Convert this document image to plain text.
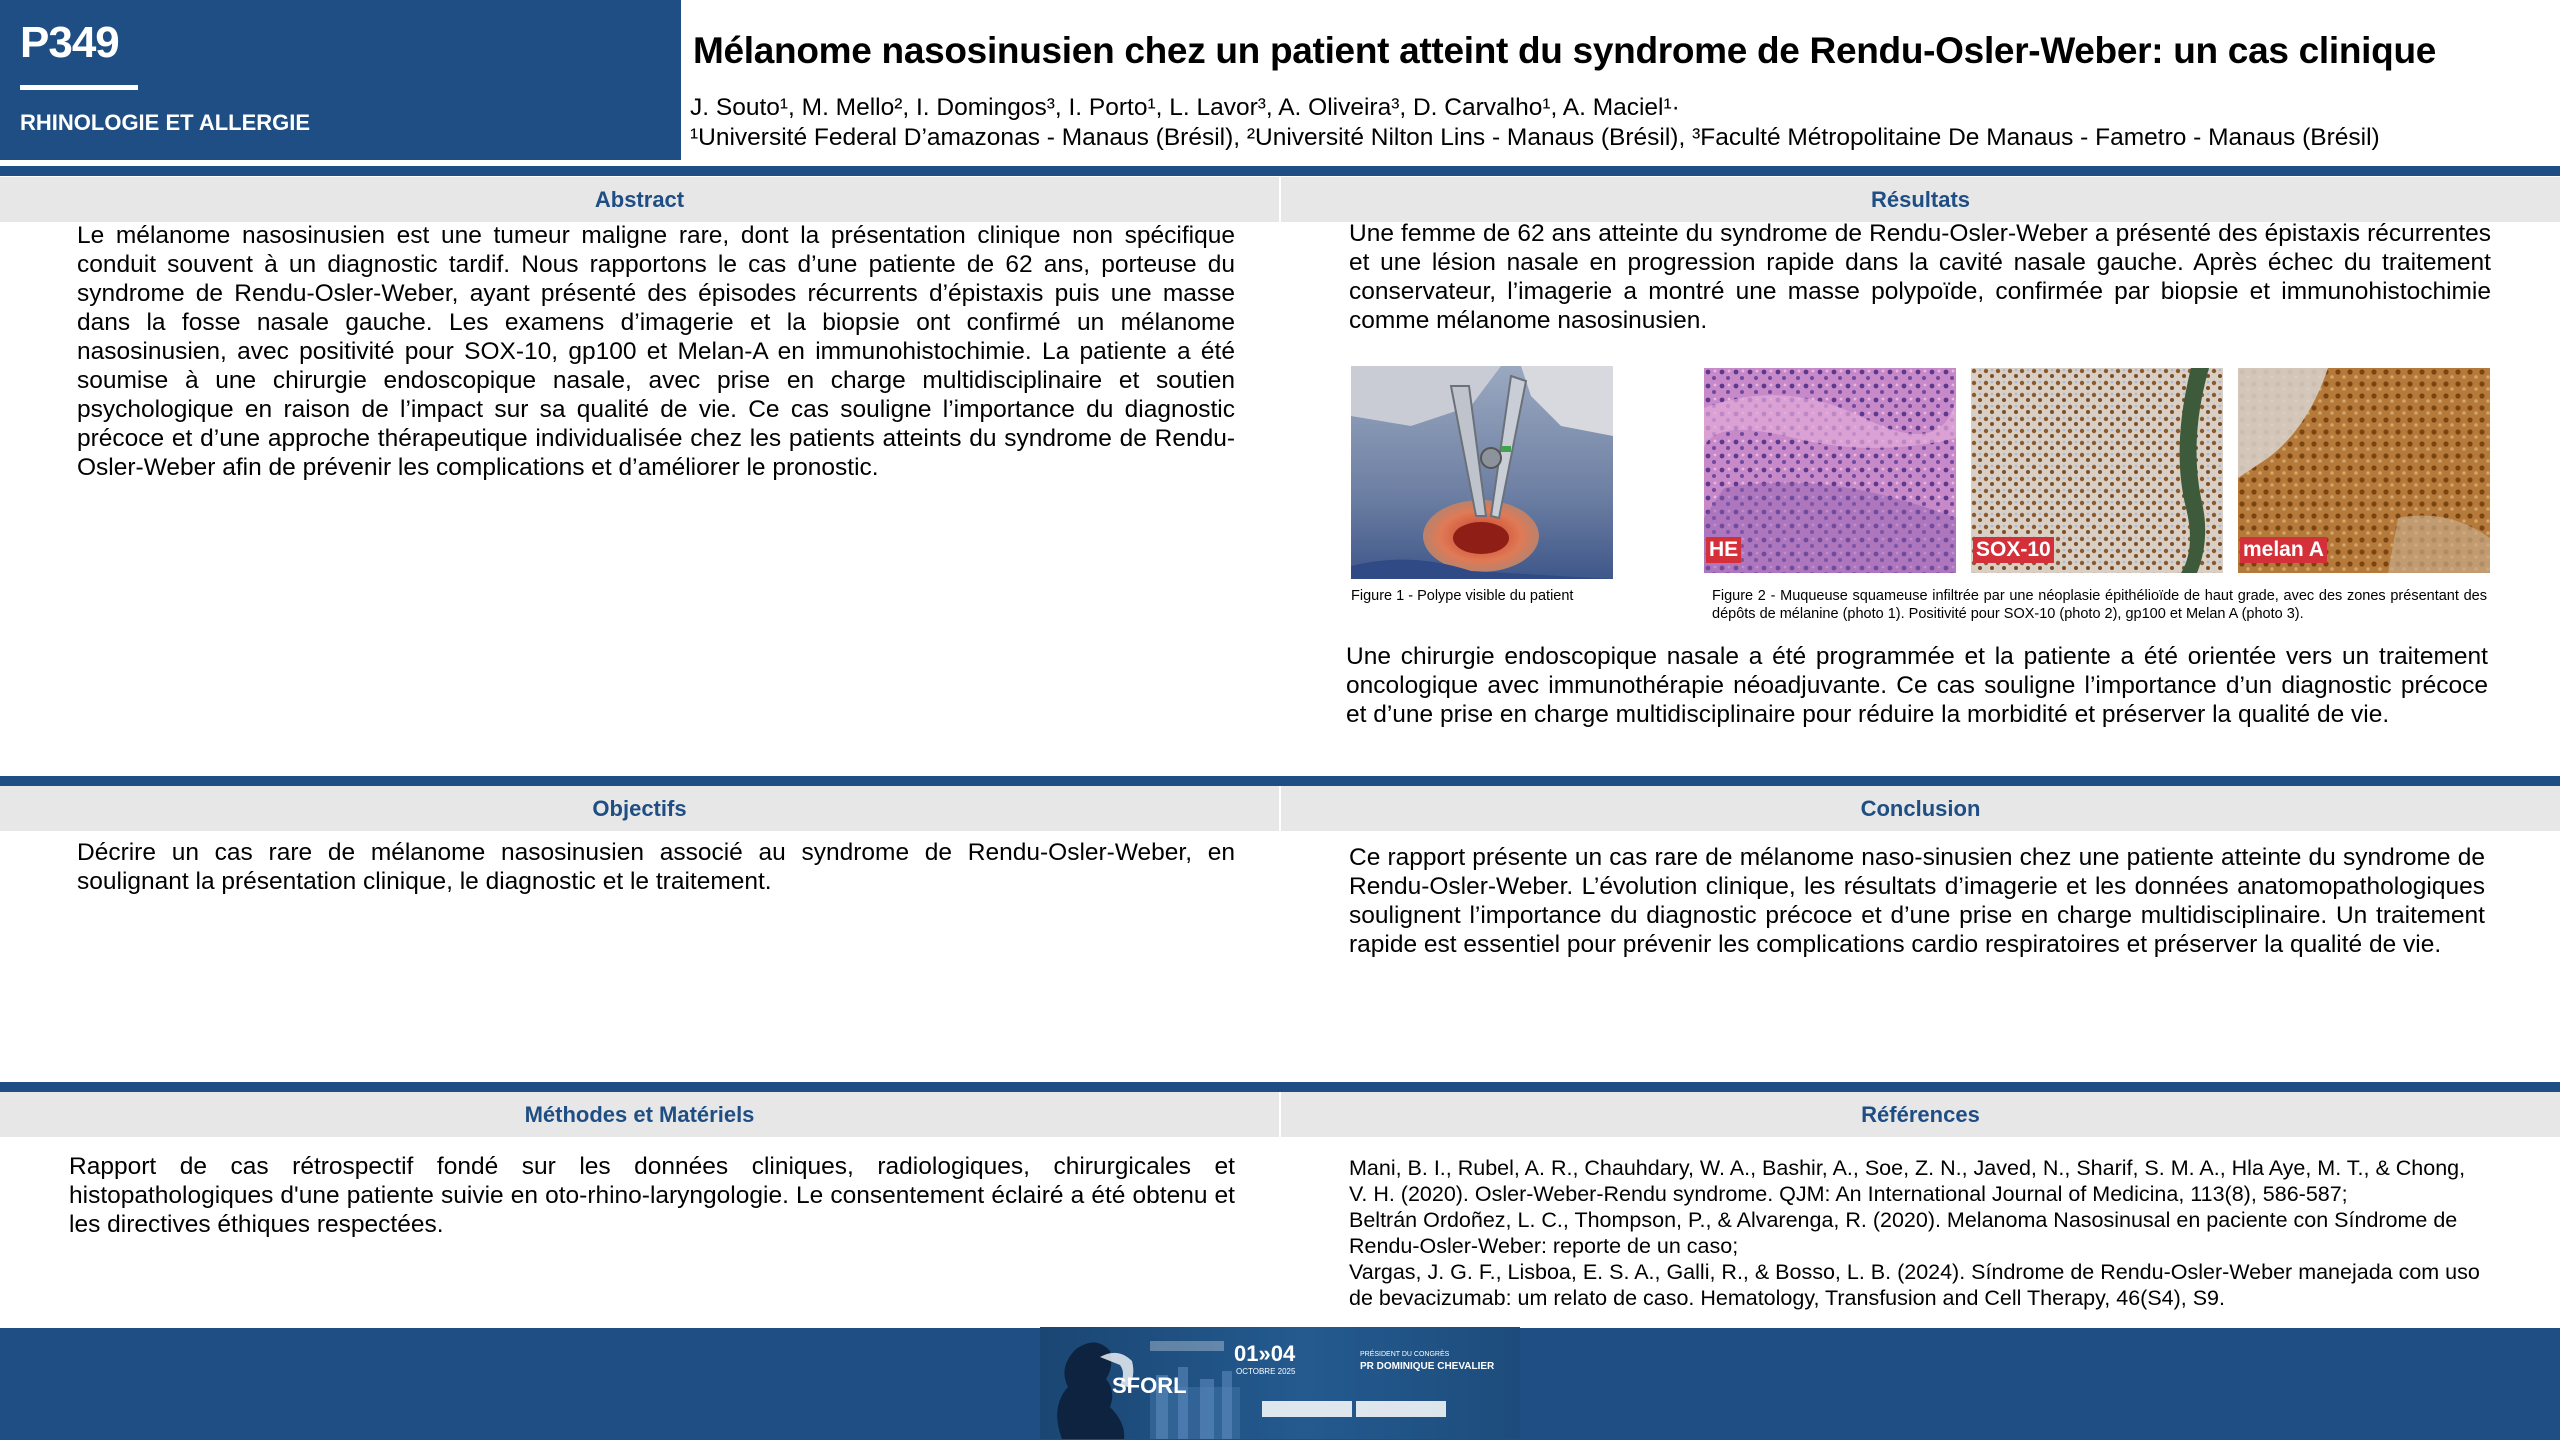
P349
RHINOLOGIE ET ALLERGIE
Mélanome nasosinusien chez un patient atteint du syndrome de Rendu-Osler-Weber: un cas clinique
J. Souto¹, M. Mello², I. Domingos³, I. Porto¹, L. Lavor³, A. Oliveira³, D. Carvalho¹, A. Maciel¹·
¹Université Federal D’amazonas - Manaus (Brésil), ²Université Nilton Lins - Manaus (Brésil), ³Faculté Métropolitaine De Manaus - Fametro - Manaus (Brésil)
Abstract	Résultats
Le mélanome nasosinusien est une tumeur maligne rare, dont la présentation clinique non spécifique conduit souvent à un diagnostic tardif. Nous rapportons le cas d’une patiente de 62 ans, porteuse du syndrome de Rendu-Osler-Weber, ayant présenté des épisodes récurrents d’épistaxis puis une masse dans la fosse nasale gauche. Les examens d’imagerie et la biopsie ont confirmé un mélanome nasosinusien, avec positivité pour SOX-10, gp100 et Melan-A en immunohistochimie. La patiente a été soumise à une chirurgie endoscopique nasale, avec prise en charge multidisciplinaire et soutien psychologique en raison de l’impact sur sa qualité de vie. Ce cas souligne l’importance du diagnostic précoce et d’une approche thérapeutique individualisée chez les patients atteints du syndrome de Rendu-Osler-Weber afin de prévenir les complications et d’améliorer le pronostic.
Une femme de 62 ans atteinte du syndrome de Rendu-Osler-Weber a présenté des épistaxis récurrentes et une lésion nasale en progression rapide dans la cavité nasale gauche. Après échec du traitement conservateur, l’imagerie a montré une masse polypoïde, confirmée par biopsie et immunohistochimie comme mélanome nasosinusien.
Figure 1 - Polype visible du patient
HE	SOX-10	melan A
Figure 2 - Muqueuse squameuse infiltrée par une néoplasie épithélioïde de haut grade, avec des zones présentant des dépôts de mélanine (photo 1). Positivité pour SOX-10 (photo 2), gp100 et Melan A (photo 3).
Une chirurgie endoscopique nasale a été programmée et la patiente a été orientée vers un traitement oncologique avec immunothérapie néoadjuvante. Ce cas souligne l’importance d’un diagnostic précoce et d’une prise en charge multidisciplinaire pour réduire la morbidité et préserver la qualité de vie.
Objectifs	Conclusion
Décrire un cas rare de mélanome nasosinusien associé au syndrome de Rendu-Osler-Weber, en soulignant la présentation clinique, le diagnostic et le traitement.
Ce rapport présente un cas rare de mélanome naso-sinusien chez une patiente atteinte du syndrome de Rendu-Osler-Weber. L’évolution clinique, les résultats d’imagerie et les données anatomopathologiques soulignent l’importance du diagnostic précoce et d’une prise en charge multidisciplinaire. Un traitement rapide est essentiel pour prévenir les complications cardio respiratoires et préserver la qualité de vie.
Méthodes et Matériels	Références
Rapport de cas rétrospectif fondé sur les données cliniques, radiologiques, chirurgicales et histopathologiques d'une patiente suivie en oto-rhino-laryngologie. Le consentement éclairé a été obtenu et les directives éthiques respectées.

Mani, B. I., Rubel, A. R., Chauhdary, W. A., Bashir, A., Soe, Z. N., Javed, N., Sharif, S. M. A., Hla Aye, M. T., & Chong, V. H. (2020). Osler-Weber-Rendu syndrome. QJM: An International Journal of Medicina, 113(8), 586-587;

Beltrán Ordoñez, L. C., Thompson, P., & Alvarenga, R. (2020). Melanoma Nasosinusal en paciente con Síndrome de Rendu-Osler-Weber: reporte de un caso;

Vargas, J. G. F., Lisboa, E. S. A., Galli, R., & Bosso, L. B. (2024). Síndrome de Rendu-Osler-Weber manejada com uso de bevacizumab: um relato de caso. Hematology, Transfusion and Cell Therapy, 46(S4), S9.

SFORL
01»04
OCTOBRE 2025
PRÉSIDENT DU CONGRÈS
PR DOMINIQUE CHEVALIER
